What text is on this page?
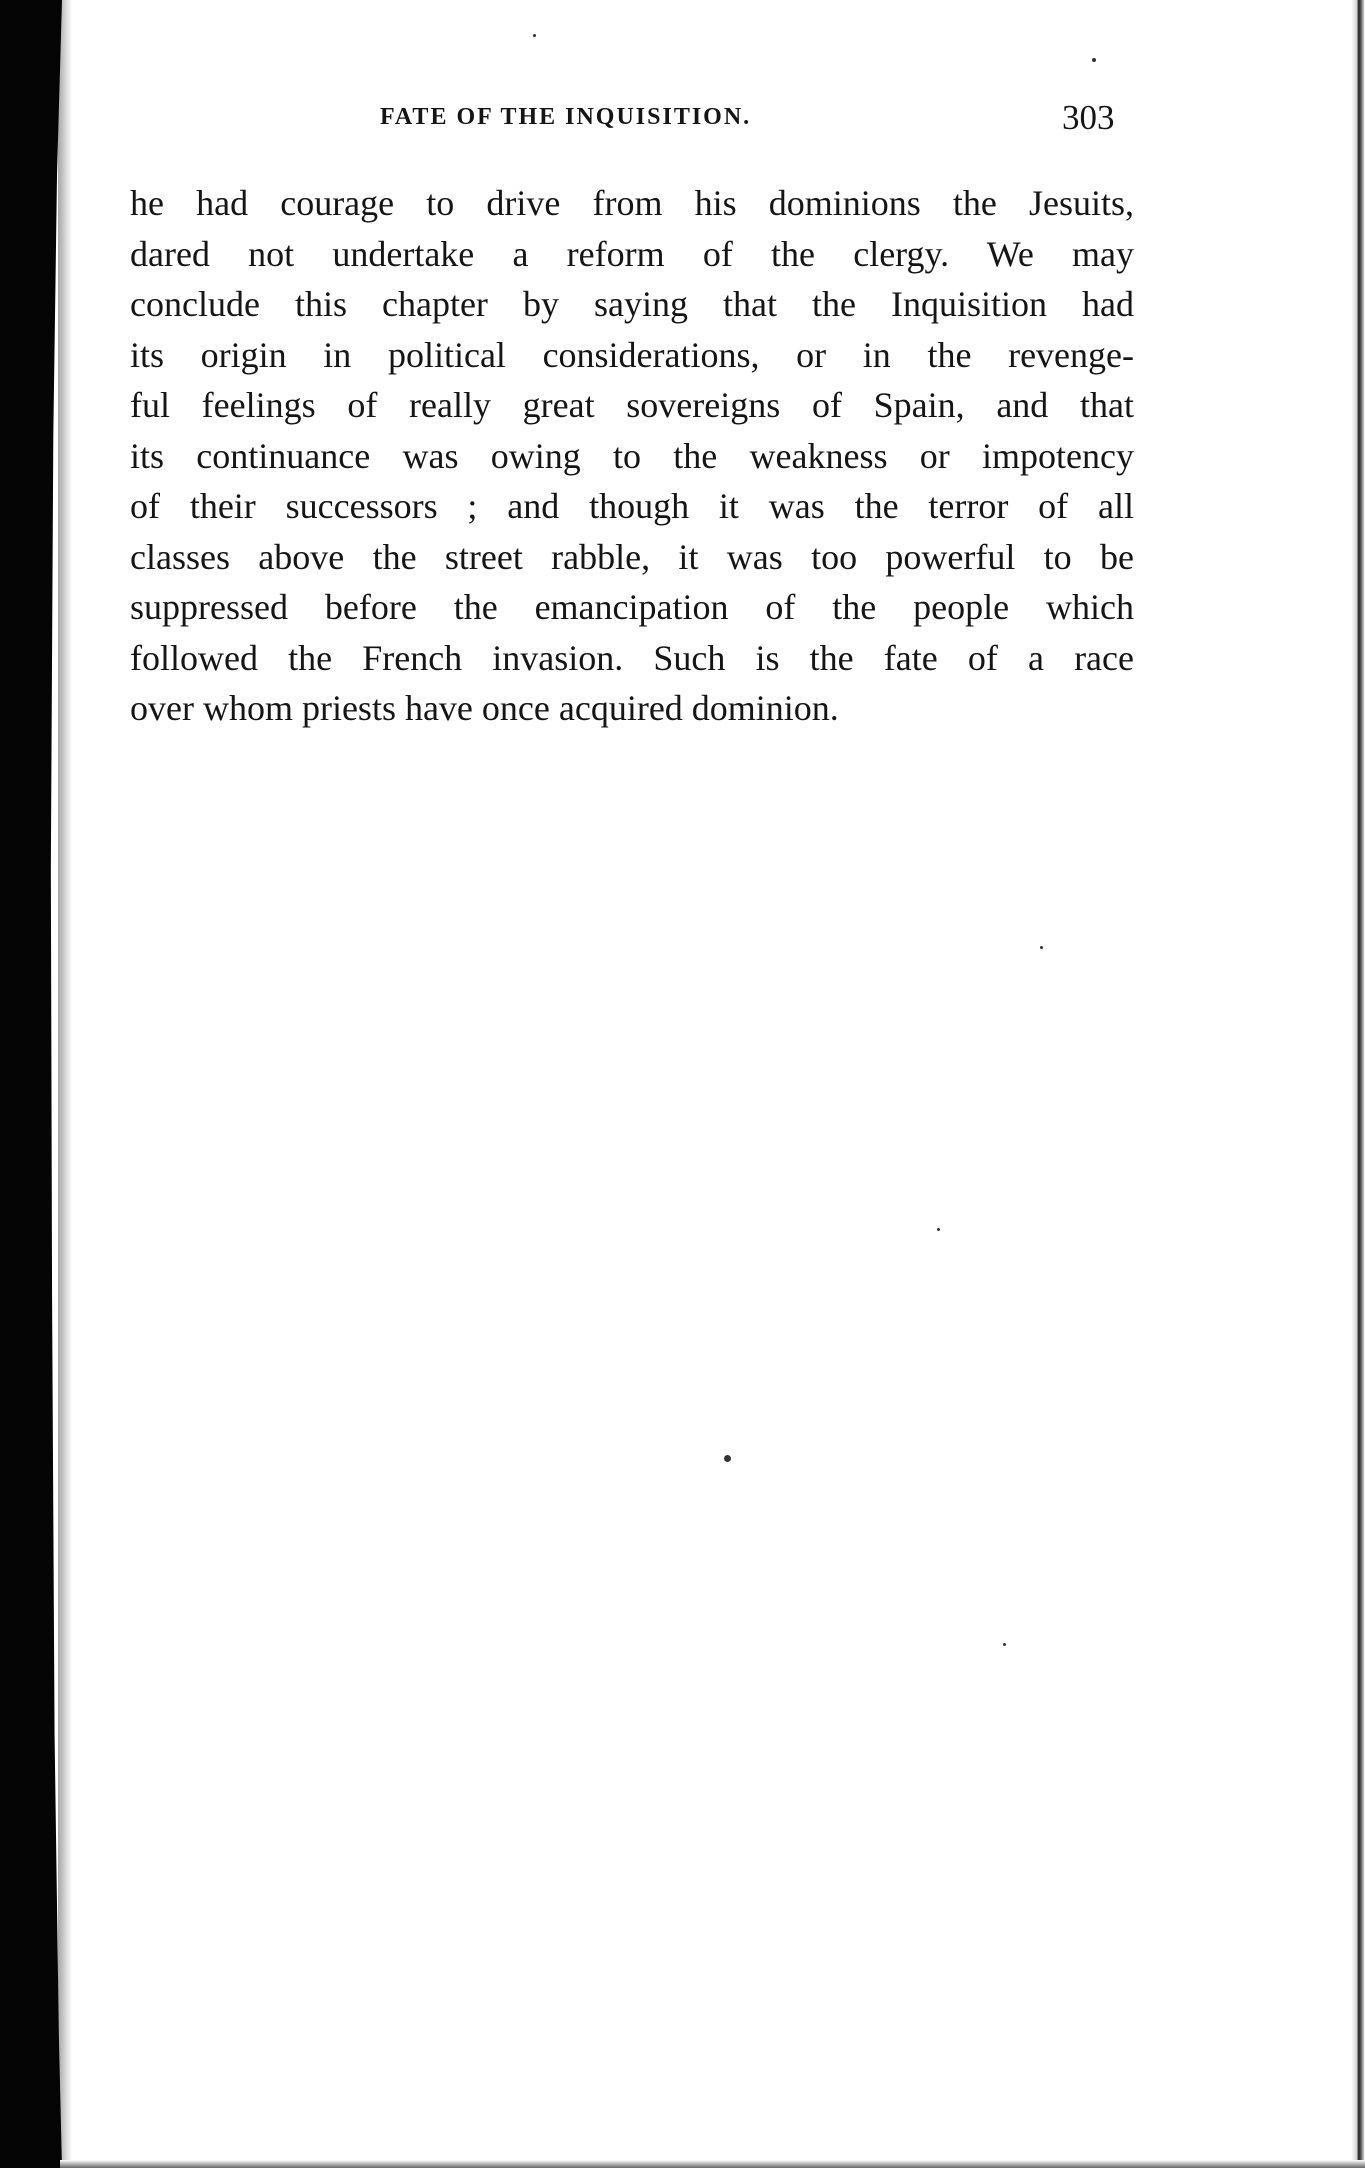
FATE OF THE INQUISITION.	303

he had courage to drive from his dominions the Jesuits,
dared not undertake a reform of the clergy. We may
conclude this chapter by saying that the Inquisition had
its origin in political considerations, or in the revenge-
ful feelings of really great sovereigns of Spain, and that
its continuance was owing to the weakness or impotency
of their successors ; and though it was the terror of all
classes above the street rabble, it was too powerful to be
suppressed before the emancipation of the people which
followed the French invasion. Such is the fate of a race
over whom priests have once acquired dominion.
